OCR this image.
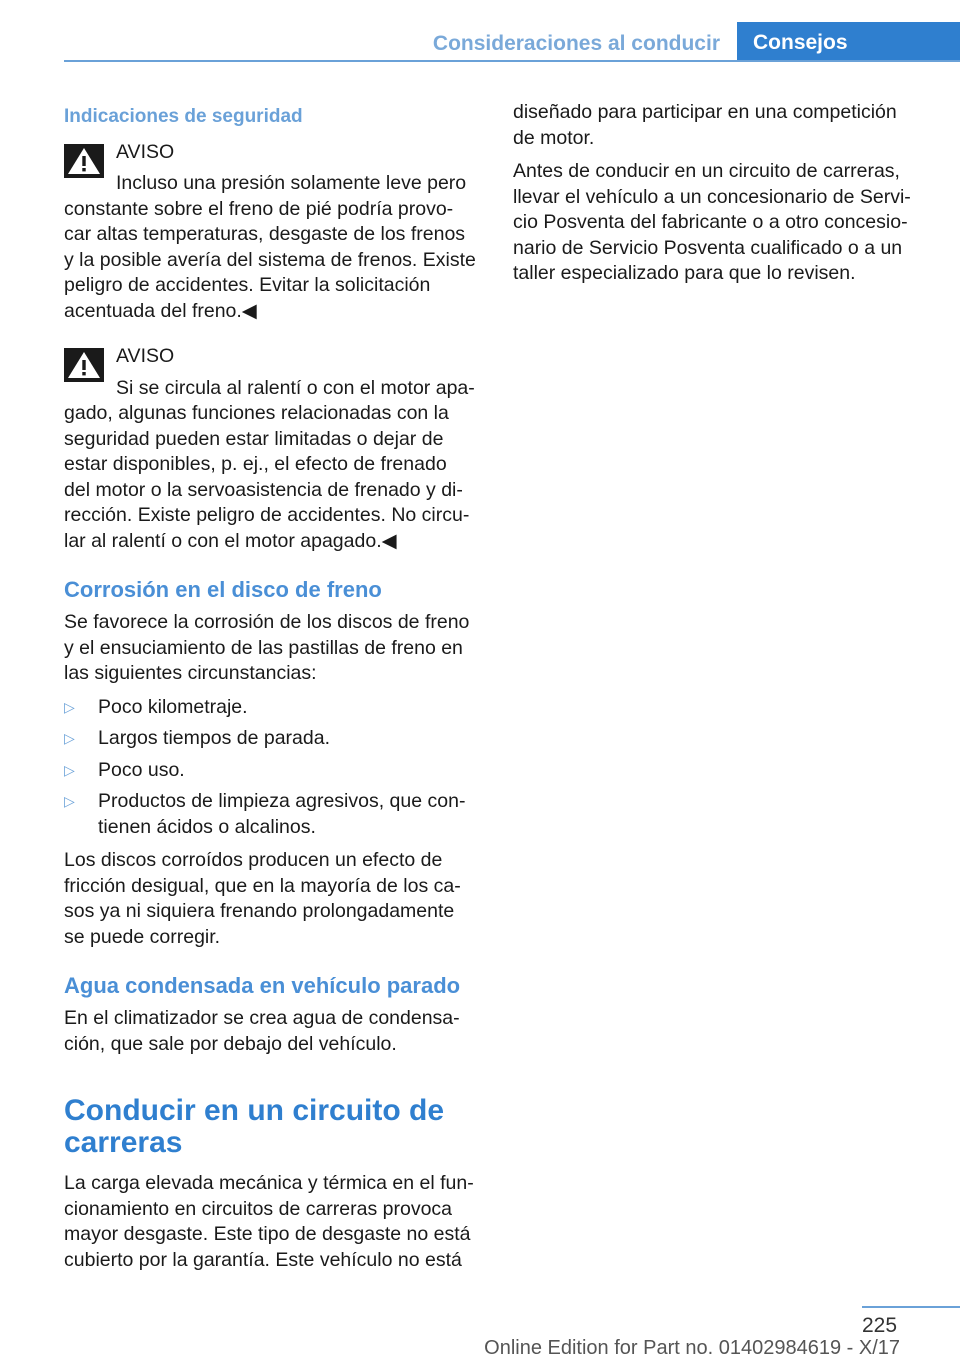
Consideraciones al conducir	Consejos
Indicaciones de seguridad
AVISO
Incluso una presión solamente leve pero constante sobre el freno de pié podría provo-car altas temperaturas, desgaste de los frenos y la posible avería del sistema de frenos. Existe peligro de accidentes. Evitar la solicitación acentuada del freno.◀
AVISO
Si se circula al ralentí o con el motor apa-gado, algunas funciones relacionadas con la seguridad pueden estar limitadas o dejar de estar disponibles, p. ej., el efecto de frenado del motor o la servoasistencia de frenado y di-rección. Existe peligro de accidentes. No circu-lar al ralentí o con el motor apagado.◀
Corrosión en el disco de freno

Se favorece la corrosión de los discos de freno y el ensuciamiento de las pastillas de freno en las siguientes circunstancias:

▷ Poco kilometraje.
▷ Largos tiempos de parada.
▷ Poco uso.
▷ Productos de limpieza agresivos, que con-tienen ácidos o alcalinos.

Los discos corroídos producen un efecto de fricción desigual, que en la mayoría de los ca-sos ya ni siquiera frenando prolongadamente se puede corregir.

Agua condensada en vehículo parado

En el climatizador se crea agua de condensa-ción, que sale por debajo del vehículo.

Conducir en un circuito de carreras

La carga elevada mecánica y térmica en el fun-cionamiento en circuitos de carreras provoca mayor desgaste. Este tipo de desgaste no está cubierto por la garantía. Este vehículo no está

diseñado para participar en una competición de motor.

Antes de conducir en un circuito de carreras, llevar el vehículo a un concesionario de Servi-cio Posventa del fabricante o a otro concesio-nario de Servicio Posventa cualificado o a un taller especializado para que lo revisen.

225
Online Edition for Part no. 01402984619 - X/17
